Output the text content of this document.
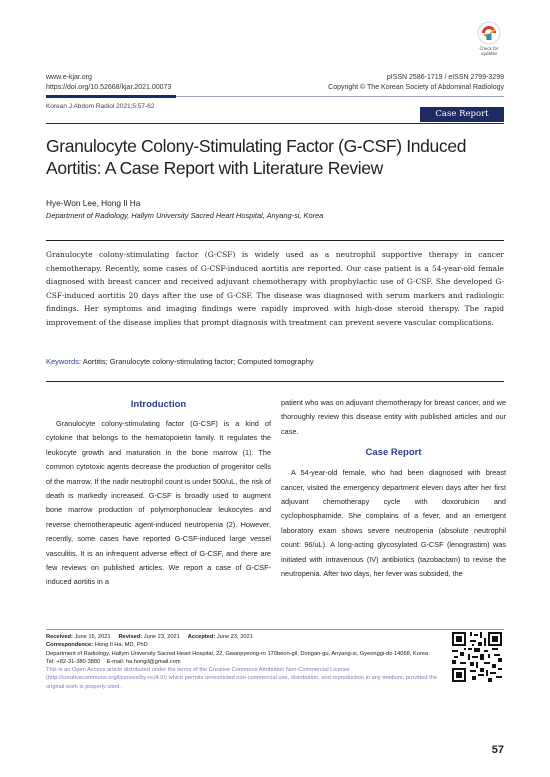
Check for
updates
www.e-kjar.org
https://doi.org/10.52668/kjar.2021.00073
pISSN 2586-1719 / eISSN 2799-3299
Copyright © The Korean Society of Abdominal Radiology
Korean J Abdom Radiol 2021;5:57-62
Case Report
Granulocyte Colony-Stimulating Factor (G-CSF) Induced Aortitis: A Case Report with Literature Review
Hye-Won Lee, Hong Il Ha
Department of Radiology, Hallym University Sacred Heart Hospital, Anyang-si, Korea

Granulocyte colony-stimulating factor (G-CSF) is widely used as a neutrophil supportive therapy in cancer chemotherapy. Recently, some cases of G-CSF-induced aortitis are reported. Our case patient is a 54-year-old female diagnosed with breast cancer and received adjuvant chemotherapy with prophylactic use of G-CSF. She developed G-CSF-induced aortitis 20 days after the use of G-CSF. The disease was diagnosed with serum markers and radiologic findings. Her symptoms and imaging findings were rapidly improved with high-dose steroid therapy. The rapid improvement of the disease implies that prompt diagnosis with treatment can prevent severe vascular complications.

Keywords: Aortitis; Granulocyte colony-stimulating factor; Computed tomography
Introduction

Granulocyte colony-stimulating factor (G-CSF) is a kind of cytokine that belongs to the hematopoietin family. It regulates the leukocyte growth and maturation in the bone marrow (1). The common cytotoxic agents decrease the production of progenitor cells of the marrow. If the nadir neutrophil count is under 500/uL, the risk of death is markedly increased. G-CSF is broadly used to augment bone marrow production of polymorphonuclear leukocytes and reverse chemotherapeutic agent-induced neutropenia (2). However, recently, some cases have reported G-CSF-induced large vessel vasculitis. It is an infrequent adverse effect of G-CSF, and there are few reviews on published articles. We report a case of G-CSF-induced aortitis in a

patient who was on adjuvant chemotherapy for breast cancer, and we thoroughly review this disease entity with published articles and our case.

Case Report

A 54-year-old female, who had been diagnosed with breast cancer, visited the emergency department eleven days after her first adjuvant chemotherapy cycle with doxorubicin and cyclophosphamide. She complains of a fever, and an emergent laboratory exam shows severe neutropenia (absolute neutrophil count: 96/uL). A long-acting glycosylated G-CSF (lenograstim) was initiated with intravenous (IV) antibiotics (tazobactam) to revise the neutropenia. After two days, her fever was subsided, the

Received: June 15, 2021 Revised: June 23, 2021 Accepted: June 23, 2021
Correspondence: Hong Il Ha, MD, PhD
Department of Radiology, Hallym University Sacred Heart Hospital, 22, Gwanpyeong-ro 170beon-gil, Dongan-gu, Anyang-si, Gyeonggi-do 14068, Korea
Tel: +82-31-380-3880 E-mail: ha.hongil@gmail.com
This is an Open Access article distributed under the terms of the Creative Commons Attribution Non-Commercial License (http://creativecommons.org/licenses/by-nc/4.0/) which permits unrestricted non-commercial use, distribution, and reproduction in any medium, provided the original work is properly cited.
57
